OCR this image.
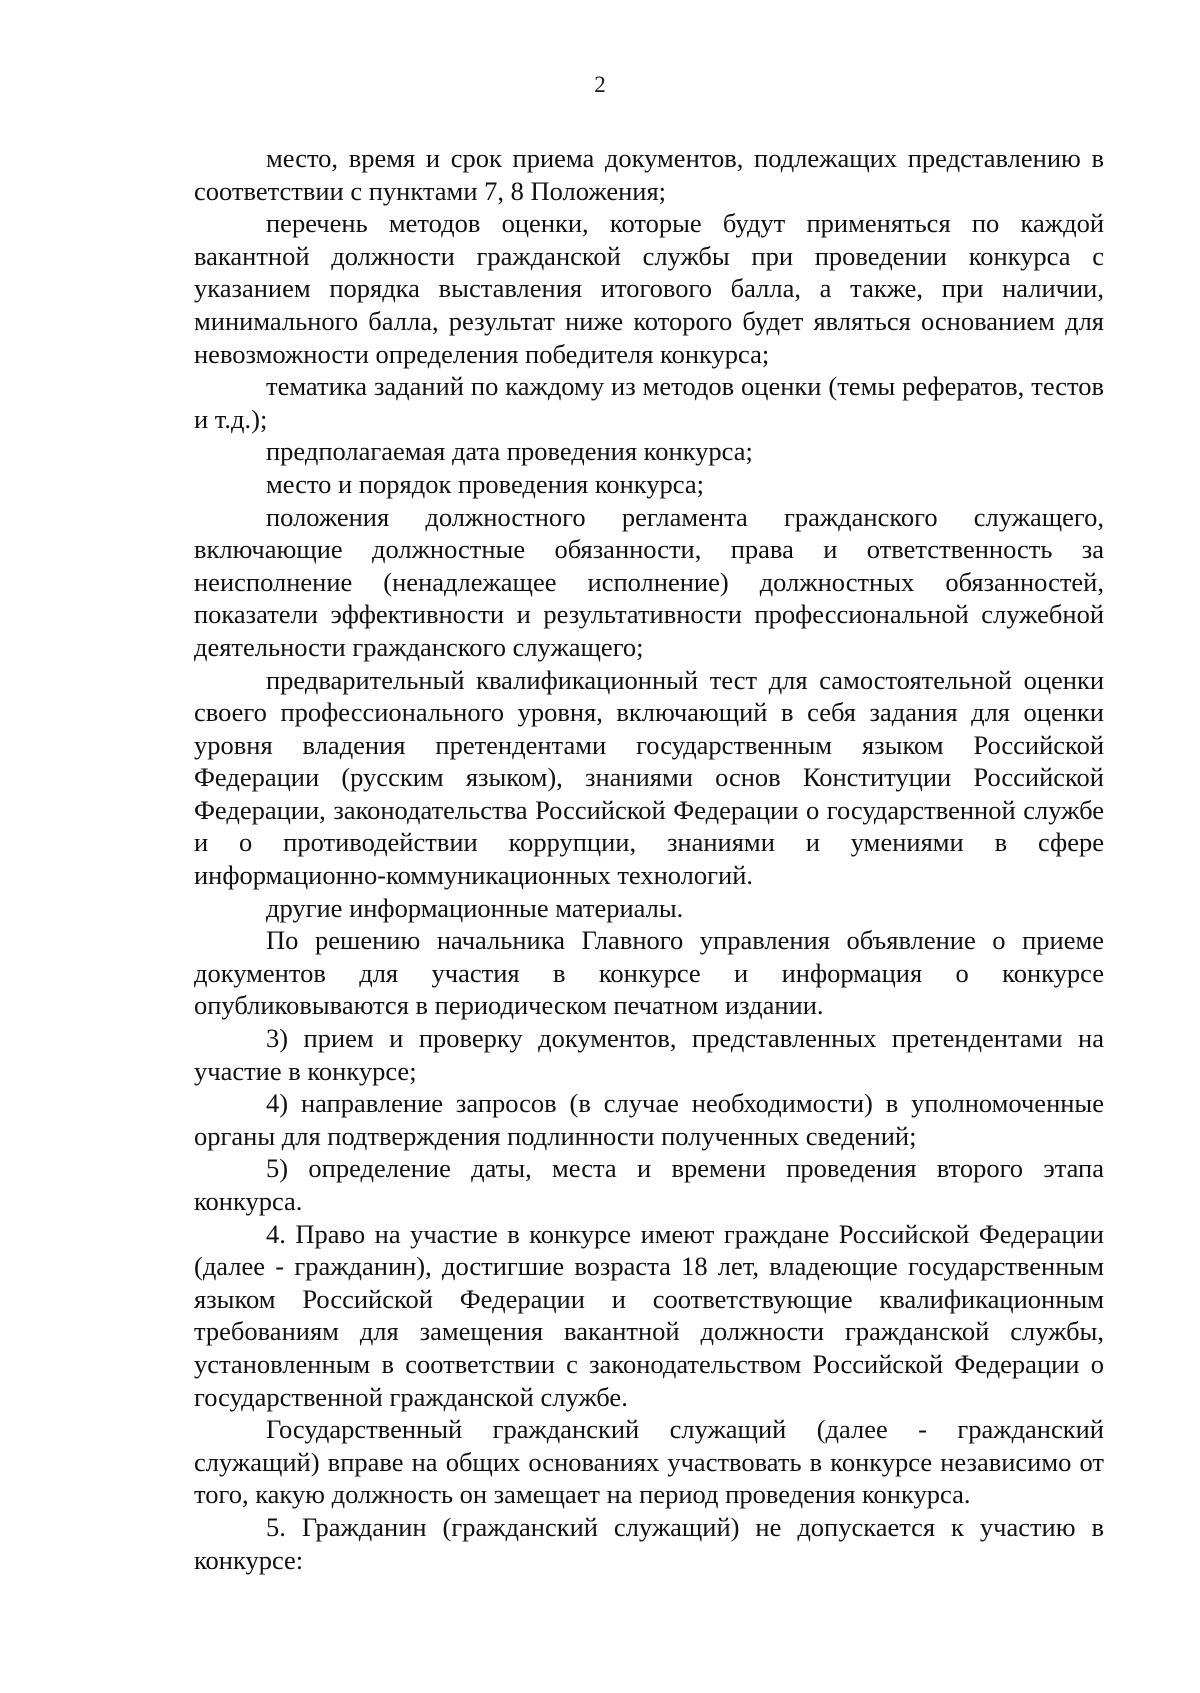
2

место, время и срок приема документов, подлежащих представлению в соответствии с пунктами 7, 8 Положения;

перечень методов оценки, которые будут применяться по каждой вакантной должности гражданской службы при проведении конкурса с указанием порядка выставления итогового балла, а также, при наличии, минимального балла, результат ниже которого будет являться основанием для невозможности определения победителя конкурса;

тематика заданий по каждому из методов оценки (темы рефератов, тестов и т.д.);

предполагаемая дата проведения конкурса;

место и порядок проведения конкурса;

положения должностного регламента гражданского служащего, включающие должностные обязанности, права и ответственность за неисполнение (ненадлежащее исполнение) должностных обязанностей, показатели эффективности и результативности профессиональной служебной деятельности гражданского служащего;

предварительный квалификационный тест для самостоятельной оценки своего профессионального уровня, включающий в себя задания для оценки уровня владения претендентами государственным языком Российской Федерации (русским языком), знаниями основ Конституции Российской Федерации, законодательства Российской Федерации о государственной службе и о противодействии коррупции, знаниями и умениями в сфере информационно-коммуникационных технологий.

другие информационные материалы.

По решению начальника Главного управления объявление о приеме документов для участия в конкурсе и информация о конкурсе опубликовываются в периодическом печатном издании.

3) прием и проверку документов, представленных претендентами на участие в конкурсе;

4) направление запросов (в случае необходимости) в уполномоченные органы для подтверждения подлинности полученных сведений;

5) определение даты, места и времени проведения второго этапа конкурса.

4. Право на участие в конкурсе имеют граждане Российской Федерации (далее - гражданин), достигшие возраста 18 лет, владеющие государственным языком Российской Федерации и соответствующие квалификационным требованиям для замещения вакантной должности гражданской службы, установленным в соответствии с законодательством Российской Федерации о государственной гражданской службе.

Государственный гражданский служащий (далее - гражданский служащий) вправе на общих основаниях участвовать в конкурсе независимо от того, какую должность он замещает на период проведения конкурса.

5. Гражданин (гражданский служащий) не допускается к участию в конкурсе:
